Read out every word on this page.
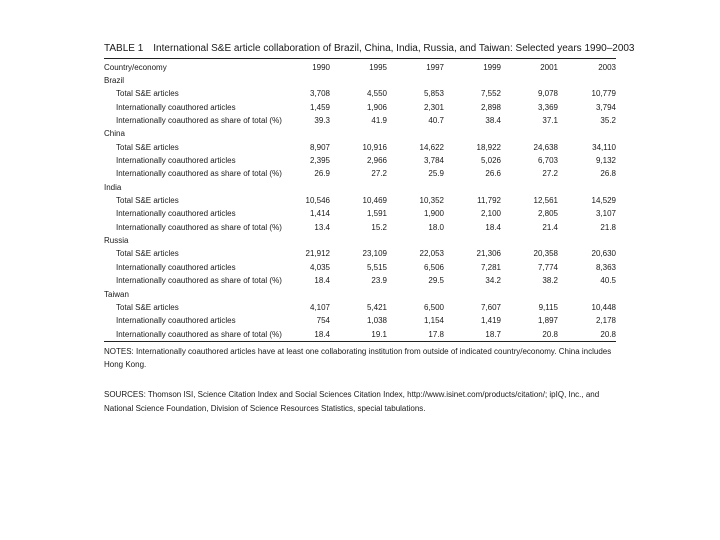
TABLE 1 International S&E article collaboration of Brazil, China, India, Russia, and Taiwan: Selected years 1990–2003
Country/economy	1990	1995	1997	1999	2001	2003
Brazil						
Total S&E articles	3,708	4,550	5,853	7,552	9,078	10,779
Internationally coauthored articles	1,459	1,906	2,301	2,898	3,369	3,794
Internationally coauthored as share of total (%)	39.3	41.9	40.7	38.4	37.1	35.2
China						
Total S&E articles	8,907	10,916	14,622	18,922	24,638	34,110
Internationally coauthored articles	2,395	2,966	3,784	5,026	6,703	9,132
Internationally coauthored as share of total (%)	26.9	27.2	25.9	26.6	27.2	26.8
India						
Total S&E articles	10,546	10,469	10,352	11,792	12,561	14,529
Internationally coauthored articles	1,414	1,591	1,900	2,100	2,805	3,107
Internationally coauthored as share of total (%)	13.4	15.2	18.0	18.4	21.4	21.8
Russia						
Total S&E articles	21,912	23,109	22,053	21,306	20,358	20,630
Internationally coauthored articles	4,035	5,515	6,506	7,281	7,774	8,363
Internationally coauthored as share of total (%)	18.4	23.9	29.5	34.2	38.2	40.5
Taiwan						
Total S&E articles	4,107	5,421	6,500	7,607	9,115	10,448
Internationally coauthored articles	754	1,038	1,154	1,419	1,897	2,178
Internationally coauthored as share of total (%)	18.4	19.1	17.8	18.7	20.8	20.8
NOTES: Internationally coauthored articles have at least one collaborating institution from outside of indicated country/economy. China includes Hong Kong.
SOURCES: Thomson ISI, Science Citation Index and Social Sciences Citation Index, http://www.isinet.com/products/citation/; ipIQ, Inc., and National Science Foundation, Division of Science Resources Statistics, special tabulations.
